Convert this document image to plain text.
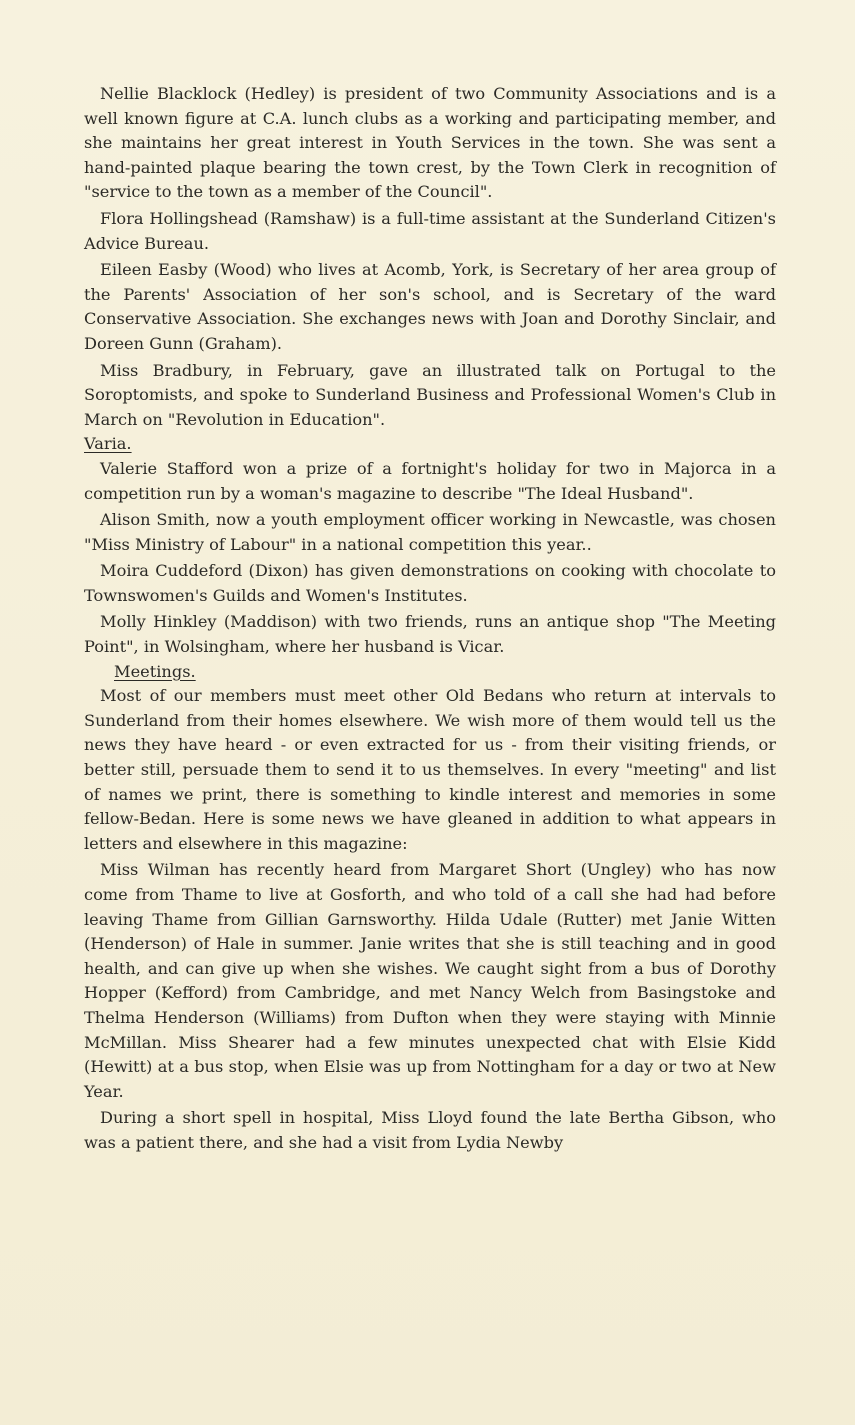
Nellie Blacklock (Hedley) is president of two Community Associations and is a well known figure at C.A. lunch clubs as a working and participating member, and she maintains her great interest in Youth Services in the town. She was sent a hand-painted plaque bearing the town crest, by the Town Clerk in recognition of "service to the town as a member of the Council".

Flora Hollingshead (Ramshaw) is a full-time assistant at the Sunderland Citizen's Advice Bureau.

Eileen Easby (Wood) who lives at Acomb, York, is Secretary of her area group of the Parents' Association of her son's school, and is Secretary of the ward Conservative Association. She exchanges news with Joan and Dorothy Sinclair, and Doreen Gunn (Graham).

Miss Bradbury, in February, gave an illustrated talk on Portugal to the Soroptomists, and spoke to Sunderland Business and Professional Women's Club in March on "Revolution in Education".

Varia.

Valerie Stafford won a prize of a fortnight's holiday for two in Majorca in a competition run by a woman's magazine to describe "The Ideal Husband".

Alison Smith, now a youth employment officer working in Newcastle, was chosen "Miss Ministry of Labour" in a national competition this year..

Moira Cuddeford (Dixon) has given demonstrations on cooking with chocolate to Townswomen's Guilds and Women's Institutes.

Molly Hinkley (Maddison) with two friends, runs an antique shop "The Meeting Point", in Wolsingham, where her husband is Vicar.

Meetings.

Most of our members must meet other Old Bedans who return at intervals to Sunderland from their homes elsewhere. We wish more of them would tell us the news they have heard - or even extracted for us - from their visiting friends, or better still, persuade them to send it to us themselves. In every "meeting" and list of names we print, there is something to kindle interest and memories in some fellow-Bedan. Here is some news we have gleaned in addition to what appears in letters and elsewhere in this magazine:

Miss Wilman has recently heard from Margaret Short (Ungley) who has now come from Thame to live at Gosforth, and who told of a call she had had before leaving Thame from Gillian Garnsworthy. Hilda Udale (Rutter) met Janie Witten (Henderson) of Hale in summer. Janie writes that she is still teaching and in good health, and can give up when she wishes. We caught sight from a bus of Dorothy Hopper (Kefford) from Cambridge, and met Nancy Welch from Basingstoke and Thelma Henderson (Williams) from Dufton when they were staying with Minnie McMillan. Miss Shearer had a few minutes unexpected chat with Elsie Kidd (Hewitt) at a bus stop, when Elsie was up from Nottingham for a day or two at New Year.

During a short spell in hospital, Miss Lloyd found the late Bertha Gibson, who was a patient there, and she had a visit from Lydia Newby
